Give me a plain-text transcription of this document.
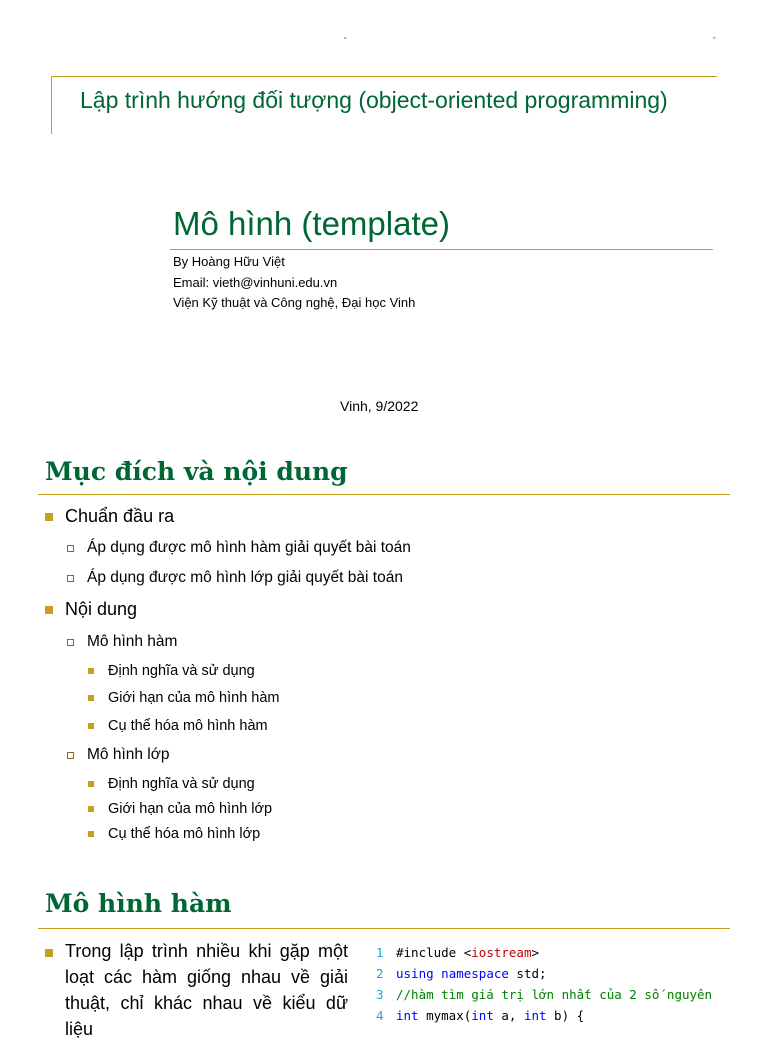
“	”
Lập trình hướng đối tượng (object-oriented programming)
Mô hình (template)
By Hoàng Hữu Việt
Email: vieth@vinhuni.edu.vn
Viện Kỹ thuật và Công nghệ, Đại học Vinh
Vinh, 9/2022
Mục đích và nội dung
Chuẩn đầu ra
Áp dụng được mô hình hàm giải quyết bài toán
Áp dụng được mô hình lớp giải quyết bài toán
Nội dung
Mô hình hàm
Định nghĩa và sử dụng
Giới hạn của mô hình hàm
Cụ thể hóa mô hình hàm
Mô hình lớp
Định nghĩa và sử dụng
Giới hạn của mô hình lớp
Cụ thể hóa mô hình lớp
Mô hình hàm
Trong lập trình nhiều khi gặp một loạt các hàm giống nhau về giải thuật, chỉ khác nhau về kiểu dữ liệu
1 #include <iostream>
2 using namespace std;
3 //hàm tìm giá trị lớn nhất của 2 số nguyên
4 int mymax(int a, int b) {
